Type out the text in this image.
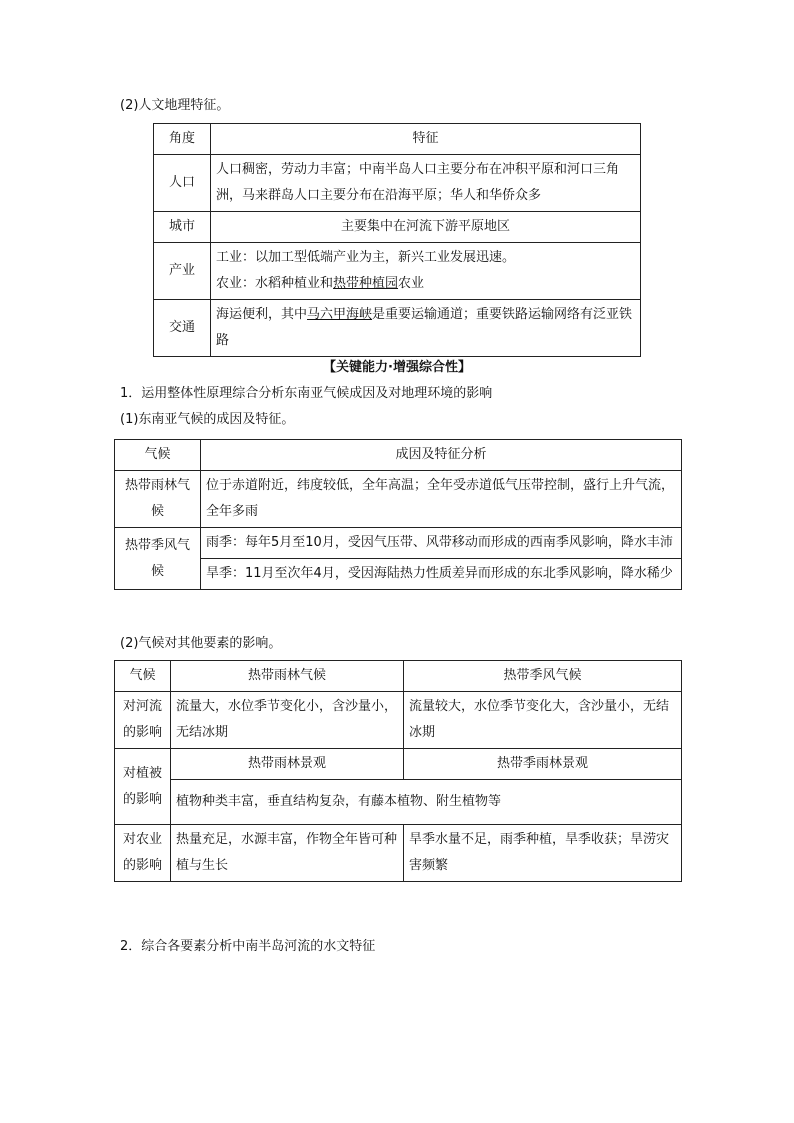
(2)人文地理特征。
角度	特征
人口	人口稠密，劳动力丰富；中南半岛人口主要分布在冲积平原和河口三角洲，马来群岛人口主要分布在沿海平原；华人和华侨众多
城市	主要集中在河流下游平原地区
产业	工业：以加工型低端产业为主，新兴工业发展迅速。
农业：水稻种植业和热带种植园农业

交通	海运便利，其中马六甲海峡是重要运输通道；重要铁路运输网络有泛亚铁路
【关键能力·增强综合性】
1．运用整体性原理综合分析东南亚气候成因及对地理环境的影响
(1)东南亚气候的成因及特征。
气候	成因及特征分析
热带雨林气候	位于赤道附近，纬度较低，全年高温；全年受赤道低气压带控制，盛行上升气流，全年多雨
热带季风气候	雨季：每年5月至10月，受因气压带、风带移动而形成的西南季风影响，降水丰沛
	旱季：11月至次年4月，受因海陆热力性质差异而形成的东北季风影响，降水稀少
(2)气候对其他要素的影响。
气候	热带雨林气候	热带季风气候
对河流的影响	流量大，水位季节变化小，含沙量小，无结冰期	流量较大，水位季节变化大，含沙量小，无结冰期
对植被的影响	热带雨林景观	热带季雨林景观
	植物种类丰富，垂直结构复杂，有藤本植物、附生植物等	
对农业的影响	热量充足，水源丰富，作物全年皆可种植与生长	旱季水量不足，雨季种植，旱季收获；旱涝灾害频繁
2．综合各要素分析中南半岛河流的水文特征
